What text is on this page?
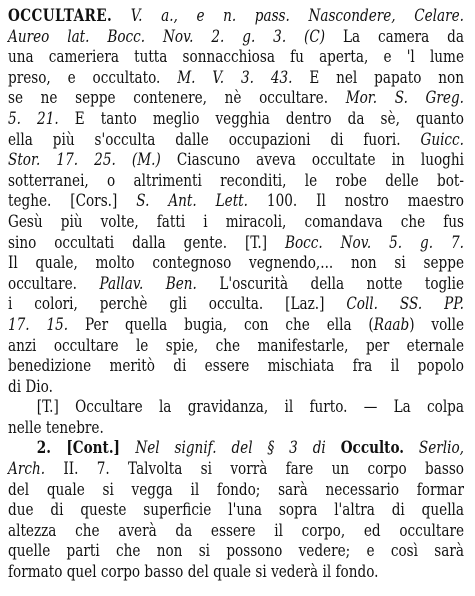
OCCULTARE. V. a., e n. pass. Nascondere, Celare.
Aureo lat. Bocc. Nov. 2. g. 3. (C) La camera da
una cameriera tutta sonnacchiosa fu aperta, e 'l lume
preso, e occultato. M. V. 3. 43. E nel papato non
se ne seppe contenere, nè occultare. Mor. S. Greg.
5. 21. E tanto meglio vegghia dentro da sè, quanto
ella più s'occulta dalle occupazioni di fuori. Guicc.
Stor. 17. 25. (M.) Ciascuno aveva occultate in luoghi
sotterranei, o altrimenti reconditi, le robe delle bot-
teghe. [Cors.] S. Ant. Lett. 100. Il nostro maestro
Gesù più volte, fatti i miracoli, comandava che fus
sino occultati dalla gente. [T.] Bocc. Nov. 5. g. 7.
Il quale, molto contegnoso vegnendo,... non si seppe
occultare. Pallav. Ben. L'oscurità della notte toglie
i colori, perchè gli occulta. [Laz.] Coll. SS. PP.
17. 15. Per quella bugia, con che ella (Raab) volle
anzi occultare le spie, che manifestarle, per eternale
benedizione meritò di essere mischiata fra il popolo
di Dio.
[T.] Occultare la gravidanza, il furto. — La colpa
nelle tenebre.
2. [Cont.] Nel signif. del § 3 di Occulto. Serlio,
Arch. II. 7. Talvolta si vorrà fare un corpo basso
del quale si vegga il fondo; sarà necessario formar
due di queste superficie l'una sopra l'altra di quella
altezza che averà da essere il corpo, ed occultare
quelle parti che non si possono vedere; e così sarà
formato quel corpo basso del quale si vederà il fondo.
